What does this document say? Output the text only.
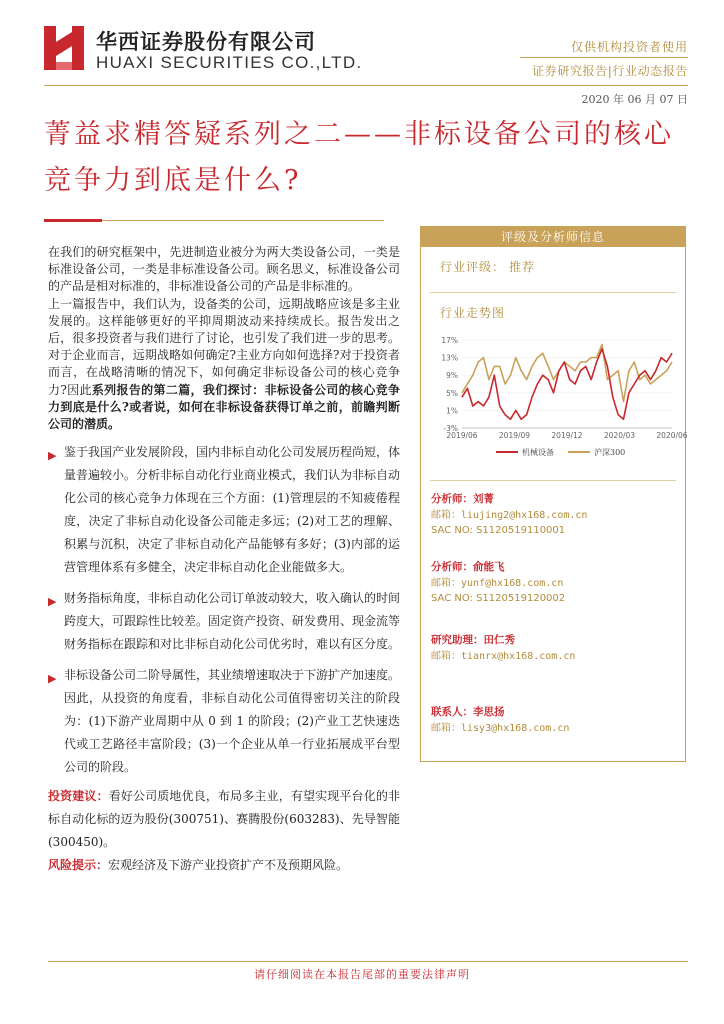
华西证券股份有限公司
HUAXI SECURITIES CO.,LTD.
仅供机构投资者使用
证券研究报告|行业动态报告
2020 年 06 月 07 日
菁益求精答疑系列之二——非标设备公司的核心竞争力到底是什么?

在我们的研究框架中，先进制造业被分为两大类设备公司，一类是标准设备公司，一类是非标准设备公司。顾名思义，标准设备公司的产品是相对标准的，非标准设备公司的产品是非标准的。

上一篇报告中，我们认为，设备类的公司，远期战略应该是多主业发展的。这样能够更好的平抑周期波动来持续成长。报告发出之后，很多投资者与我们进行了讨论，也引发了我们进一步的思考。对于企业而言，远期战略如何确定?主业方向如何选择?对于投资者而言，在战略清晰的情况下，如何确定非标设备公司的核心竞争力?因此系列报告的第二篇，我们探讨：非标设备公司的核心竞争力到底是什么?或者说，如何在非标设备获得订单之前，前瞻判断公司的潜质。

▶ 鉴于我国产业发展阶段，国内非标自动化公司发展历程尚短，体量普遍较小。分析非标自动化行业商业模式，我们认为非标自动化公司的核心竞争力体现在三个方面：(1)管理层的不知疲倦程度，决定了非标自动化设备公司能走多远；(2)对工艺的理解、积累与沉积，决定了非标自动化产品能够有多好；(3)内部的运营管理体系有多健全，决定非标自动化企业能做多大。

▶ 财务指标角度，非标自动化公司订单波动较大，收入确认的时间跨度大，可跟踪性比较差。固定资产投资、研发费用、现金流等财务指标在跟踪和对比非标自动化公司优劣时，难以有区分度。

▶ 非标设备公司二阶导属性，其业绩增速取决于下游扩产加速度。因此，从投资的角度看，非标自动化公司值得密切关注的阶段为：(1)下游产业周期中从 0 到 1 的阶段；(2)产业工艺快速迭代或工艺路径丰富阶段；(3)一个企业从单一行业拓展成平台型公司的阶段。

投资建议：看好公司质地优良，布局多主业，有望实现平台化的非标自动化标的迈为股份(300751)、赛腾股份(603283)、先导智能(300450)。

风险提示：宏观经济及下游产业投资扩产不及预期风险。

评级及分析师信息
行业评级： 推荐
行业走势图
17%
13%
9%
5%
1%
-3%
2019/06	2019/09	2019/12	2020/03	2020/06
机械设备	沪深300
分析师：刘菁
邮箱：liujing2@hx168.com.cn
SAC NO: S1120519110001
分析师：俞能飞
邮箱：yunf@hx168.com.cn
SAC NO: S1120519120002
研究助理：田仁秀
邮箱：tianrx@hx168.com.cn
联系人：李思扬
邮箱：lisy3@hx168.com.cn
请仔细阅读在本报告尾部的重要法律声明
